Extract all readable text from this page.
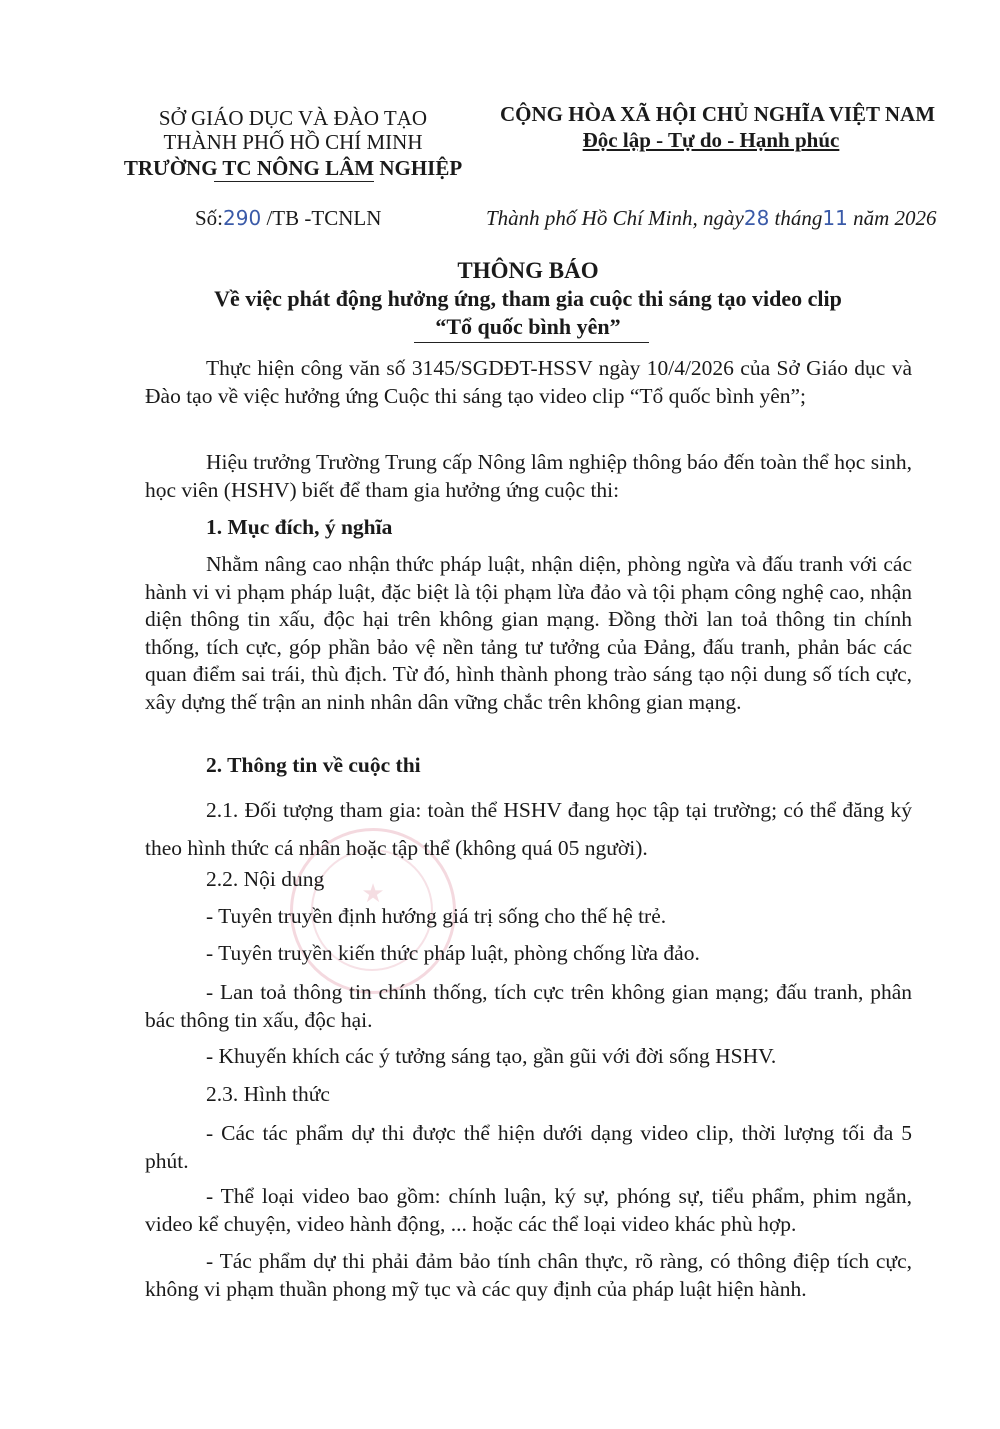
★
SỞ GIÁO DỤC VÀ ĐÀO TẠO
THÀNH PHỐ HỒ CHÍ MINH
TRƯỜNG TC NÔNG LÂM NGHIỆP
CỘNG HÒA XÃ HỘI CHỦ NGHĨA VIỆT NAM
Độc lập - Tự do - Hạnh phúc
Số:290 /TB -TCNLN	Thành phố Hồ Chí Minh, ngày28 tháng11 năm 2026
THÔNG BÁO
Về việc phát động hưởng ứng, tham gia cuộc thi sáng tạo video clip
“Tổ quốc bình yên”
Thực hiện công văn số 3145/SGDĐT-HSSV ngày 10/4/2026 của Sở Giáo dục và Đào tạo về việc hưởng ứng Cuộc thi sáng tạo video clip “Tổ quốc bình yên”;
Hiệu trưởng Trường Trung cấp Nông lâm nghiệp thông báo đến toàn thể học sinh, học viên (HSHV) biết để tham gia hưởng ứng cuộc thi:
1. Mục đích, ý nghĩa
Nhằm nâng cao nhận thức pháp luật, nhận diện, phòng ngừa và đấu tranh với các hành vi vi phạm pháp luật, đặc biệt là tội phạm lừa đảo và tội phạm công nghệ cao, nhận diện thông tin xấu, độc hại trên không gian mạng. Đồng thời lan toả thông tin chính thống, tích cực, góp phần bảo vệ nền tảng tư tưởng của Đảng, đấu tranh, phản bác các quan điểm sai trái, thù địch. Từ đó, hình thành phong trào sáng tạo nội dung số tích cực, xây dựng thế trận an ninh nhân dân vững chắc trên không gian mạng.
2. Thông tin về cuộc thi
2.1. Đối tượng tham gia: toàn thể HSHV đang học tập tại trường; có thể đăng ký theo hình thức cá nhân hoặc tập thể (không quá 05 người).
2.2. Nội dung
- Tuyên truyền định hướng giá trị sống cho thế hệ trẻ.
- Tuyên truyền kiến thức pháp luật, phòng chống lừa đảo.
- Lan toả thông tin chính thống, tích cực trên không gian mạng; đấu tranh, phân bác thông tin xấu, độc hại.
- Khuyến khích các ý tưởng sáng tạo, gần gũi với đời sống HSHV.
2.3. Hình thức
- Các tác phẩm dự thi được thể hiện dưới dạng video clip, thời lượng tối đa 5 phút.
- Thể loại video bao gồm: chính luận, ký sự, phóng sự, tiểu phẩm, phim ngắn, video kể chuyện, video hành động, ... hoặc các thể loại video khác phù hợp.
- Tác phẩm dự thi phải đảm bảo tính chân thực, rõ ràng, có thông điệp tích cực, không vi phạm thuần phong mỹ tục và các quy định của pháp luật hiện hành.
